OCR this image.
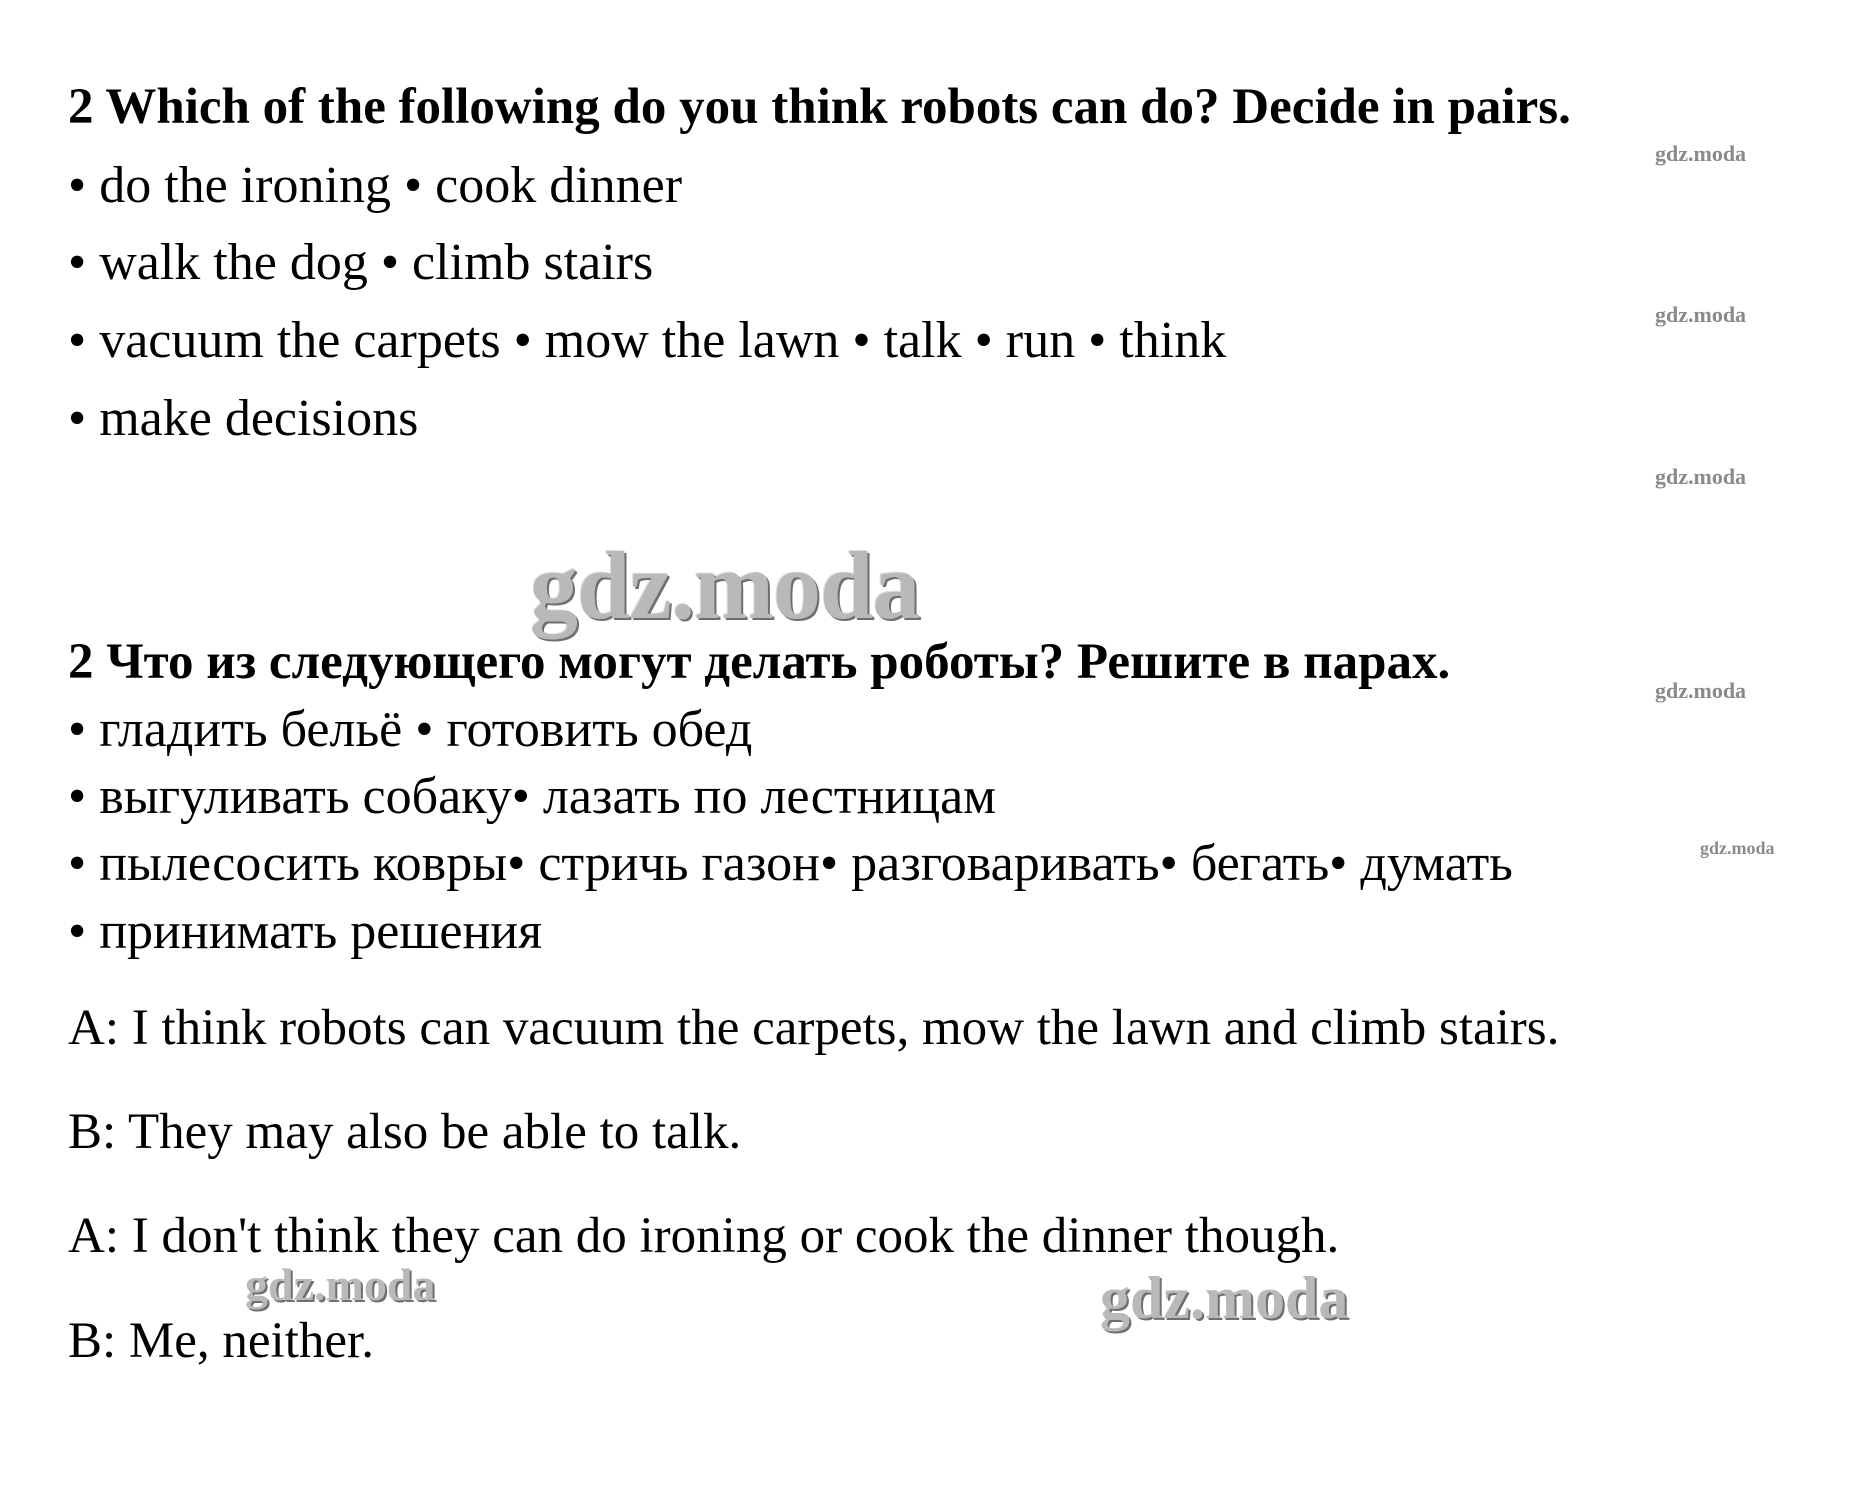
2 Which of the following do you think robots can do? Decide in pairs.
• do the ironing • cook dinner
• walk the dog • climb stairs
• vacuum the carpets • mow the lawn • talk • run • think
• make decisions
2 Что из следующего могут делать роботы? Решите в парах.
• гладить бельё • готовить обед
• выгуливать собаку• лазать по лестницам
• пылесосить ковры• стричь газон• разговаривать• бегать• думать
• принимать решения
A: I think robots can vacuum the carpets, mow the lawn and climb stairs.
B: They may also be able to talk.
A: I don't think they can do ironing or cook the dinner though.
B: Me, neither.
gdz.moda
gdz.moda
gdz.moda
gdz.moda
gdz.moda
gdz.moda
gdz.moda	gdz.moda
